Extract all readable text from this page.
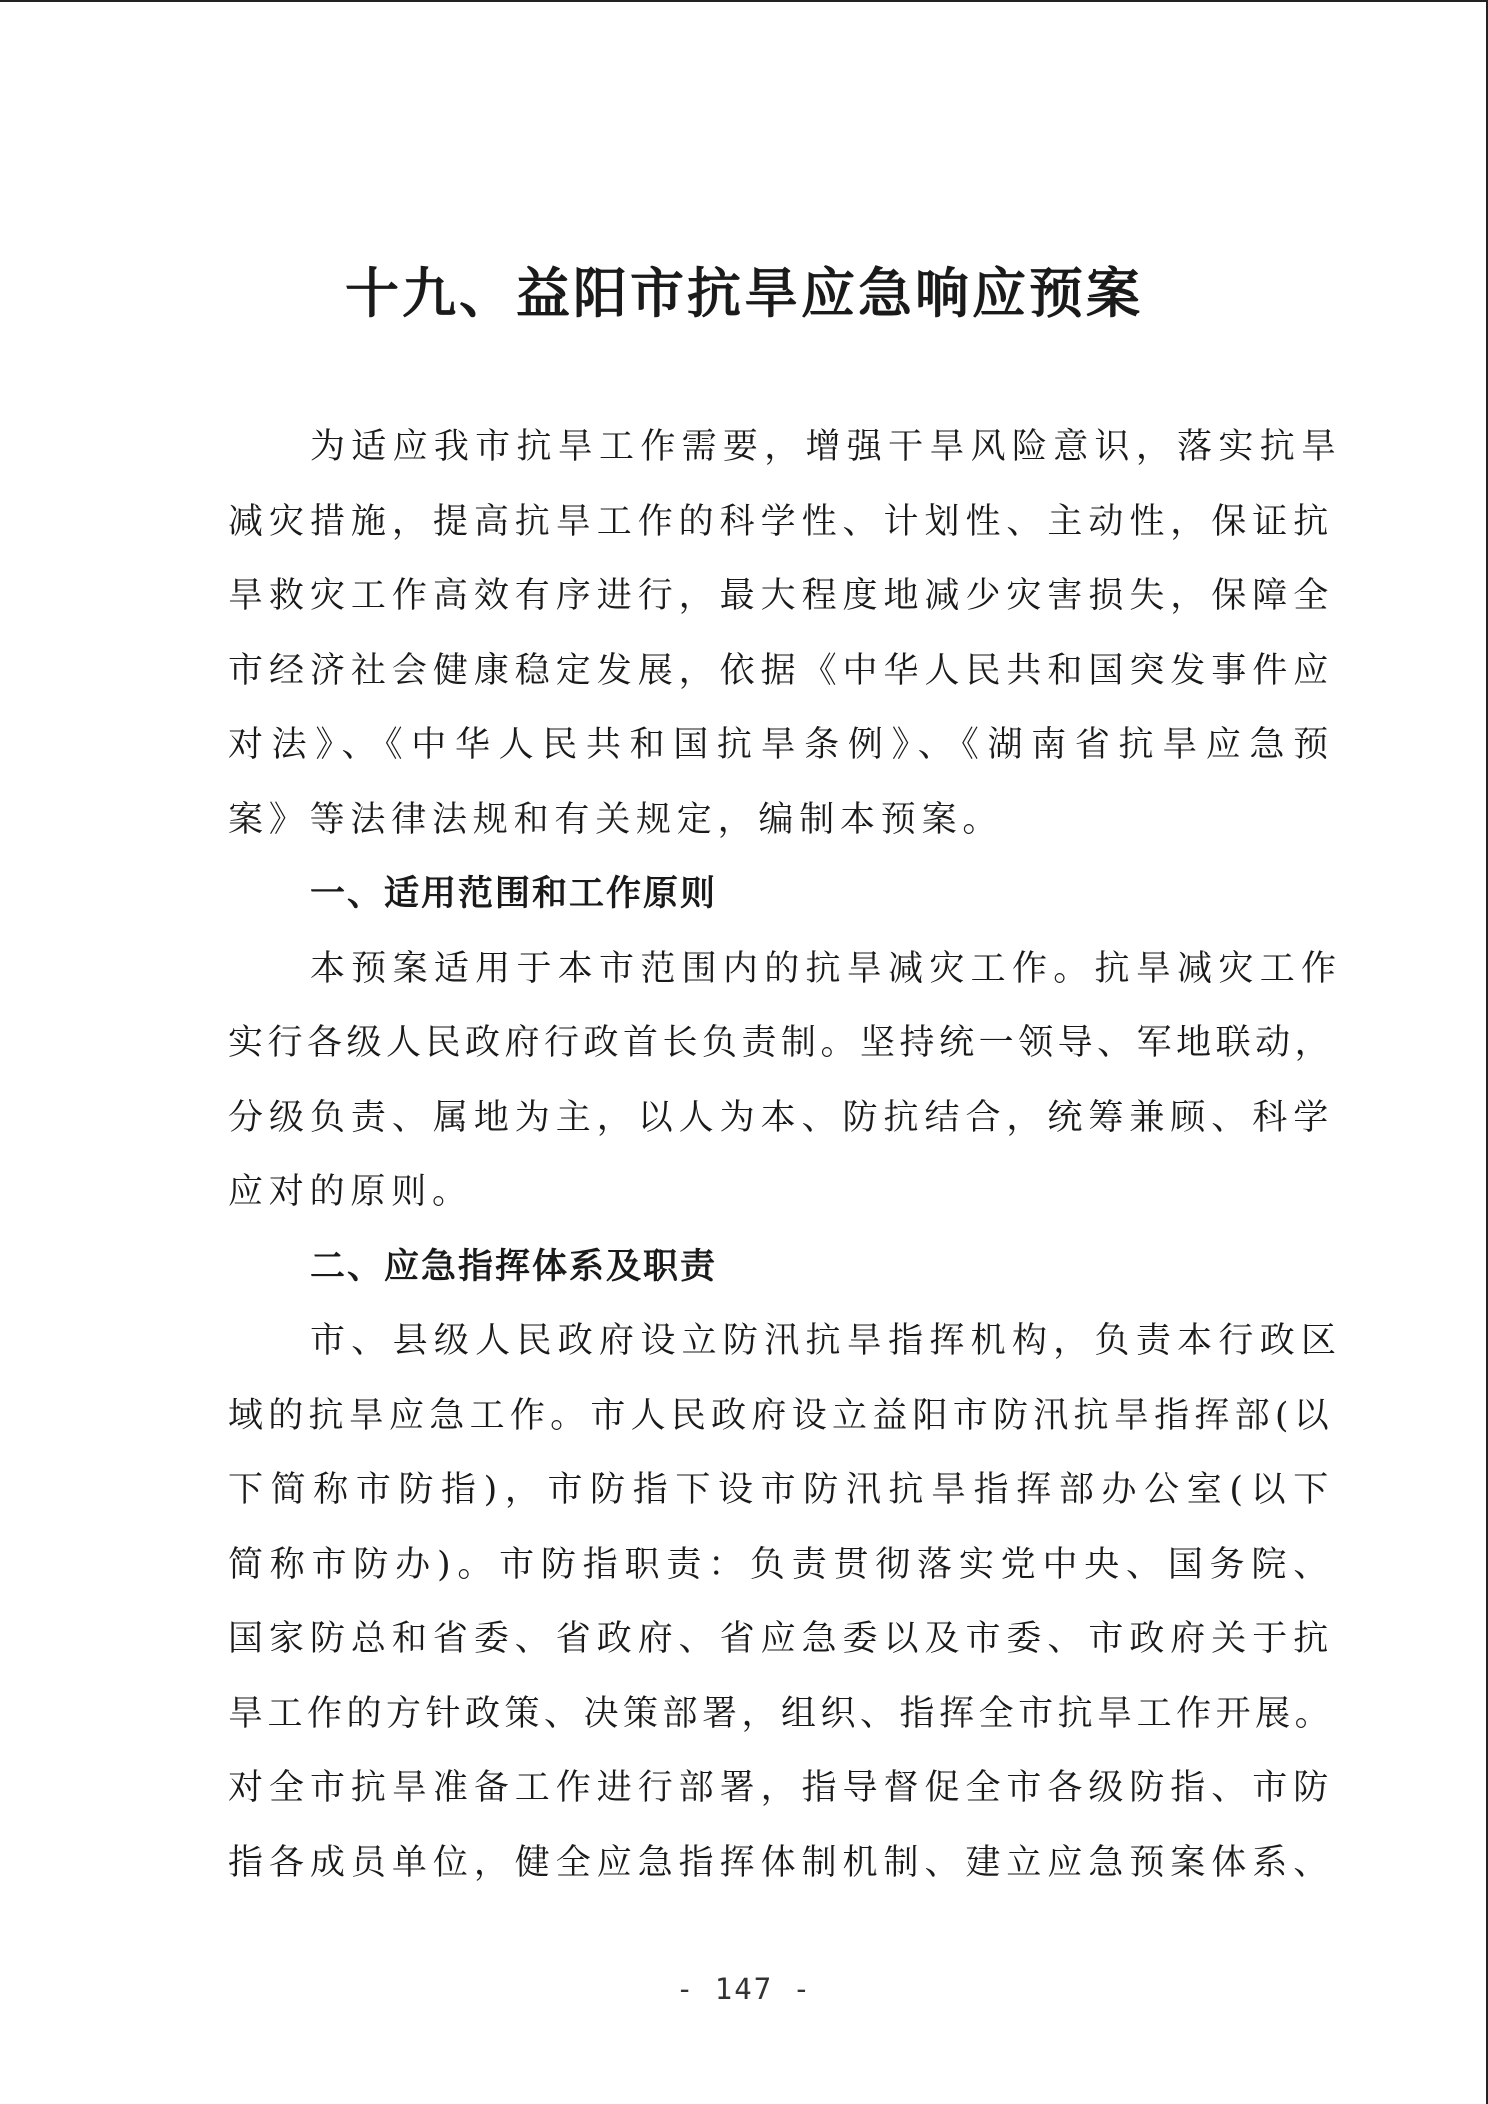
十九、益阳市抗旱应急响应预案

为适应我市抗旱工作需要，增强干旱风险意识，落实抗旱
减灾措施，提高抗旱工作的科学性、计划性、主动性，保证抗
旱救灾工作高效有序进行，最大程度地减少灾害损失，保障全
市经济社会健康稳定发展，依据《中华人民共和国突发事件应
对法》、《中华人民共和国抗旱条例》、《湖南省抗旱应急预
案》等法律法规和有关规定，编制本预案。

一、适用范围和工作原则

本预案适用于本市范围内的抗旱减灾工作。抗旱减灾工作
实行各级人民政府行政首长负责制。坚持统一领导、军地联动，
分级负责、属地为主，以人为本、防抗结合，统筹兼顾、科学
应对的原则。

二、应急指挥体系及职责

市、县级人民政府设立防汛抗旱指挥机构，负责本行政区
域的抗旱应急工作。市人民政府设立益阳市防汛抗旱指挥部(以
下简称市防指)，市防指下设市防汛抗旱指挥部办公室(以下
简称市防办)。市防指职责：负责贯彻落实党中央、国务院、
国家防总和省委、省政府、省应急委以及市委、市政府关于抗
旱工作的方针政策、决策部署，组织、指挥全市抗旱工作开展。
对全市抗旱准备工作进行部署，指导督促全市各级防指、市防
指各成员单位，健全应急指挥体制机制、建立应急预案体系、

- 147 -
